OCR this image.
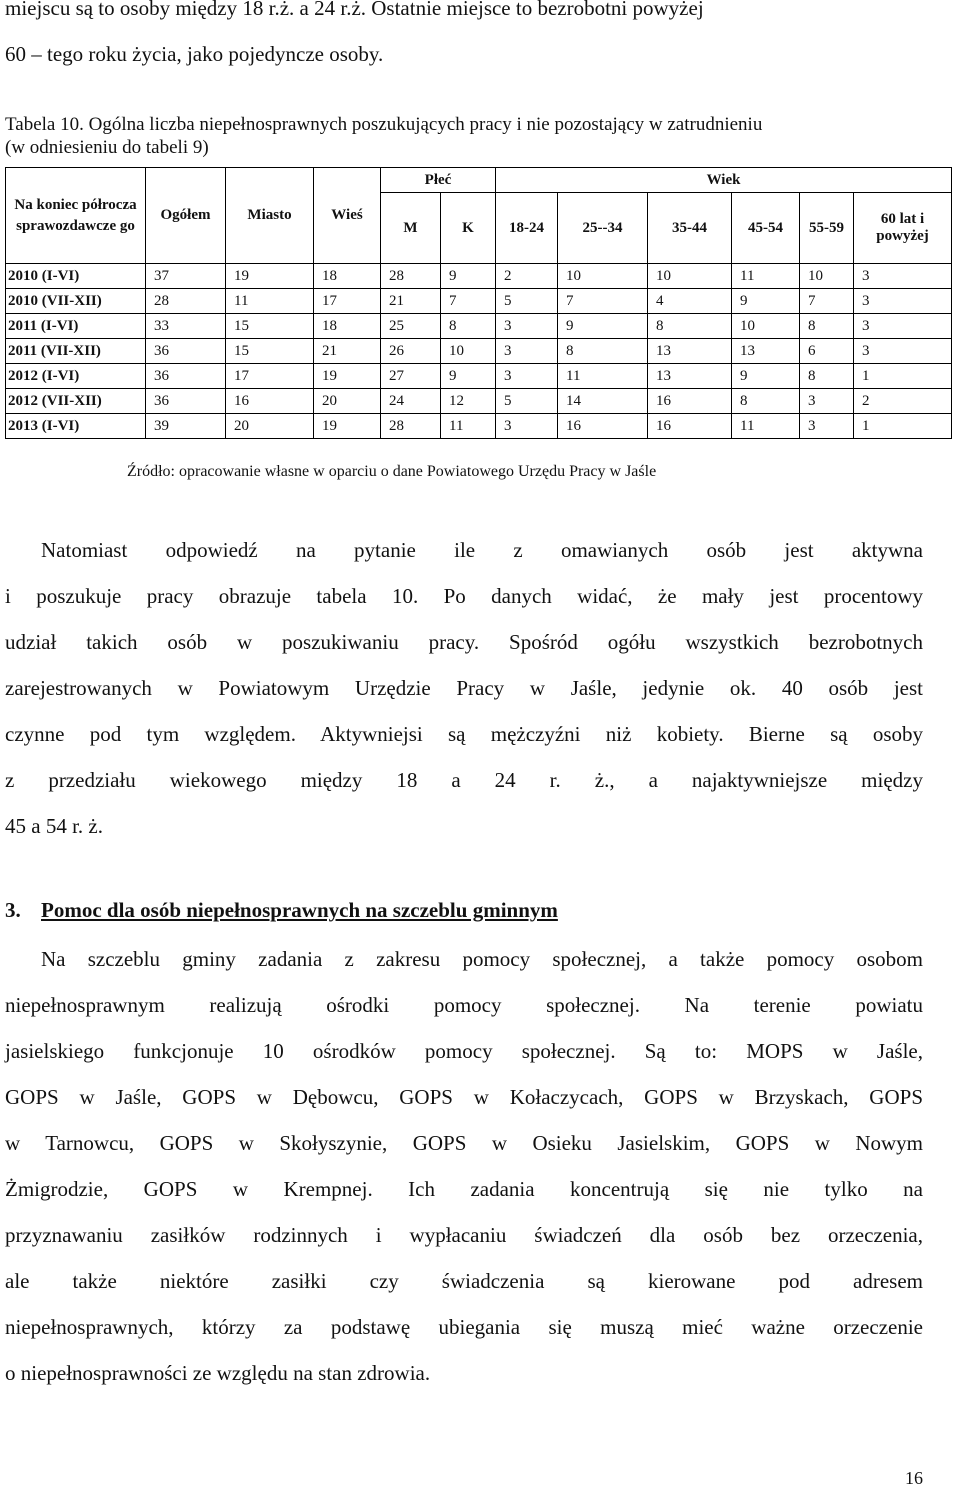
miejscu są to osoby między 18 r.ż. a 24 r.ż. Ostatnie miejsce to bezrobotni powyżej
60 – tego roku życia, jako pojedyncze osoby.
Tabela 10. Ogólna liczba niepełnosprawnych poszukujących pracy i nie pozostający w zatrudnieniu
(w odniesieniu do tabeli 9)
Na koniec półrocza sprawozdawcze go	Ogółem	Miasto	Wieś	Płeć		Wiek					
				M	K	18-24	25--34	35-44	45-54	55-59	60 lat i powyżej
2010 (I-VI)	37	19	18	28	9	2	10	10	11	10	3
2010 (VII-XII)	28	11	17	21	7	5	7	4	9	7	3
2011 (I-VI)	33	15	18	25	8	3	9	8	10	8	3
2011 (VII-XII)	36	15	21	26	10	3	8	13	13	6	3
2012 (I-VI)	36	17	19	27	9	3	11	13	9	8	1
2012 (VII-XII)	36	16	20	24	12	5	14	16	8	3	2
2013 (I-VI)	39	20	19	28	11	3	16	16	11	3	1
Źródło: opracowanie własne w oparciu o dane Powiatowego Urzędu Pracy w Jaśle
Natomiast odpowiedź na pytanie ile z omawianych osób jest aktywna
i poszukuje pracy obrazuje tabela 10. Po danych widać, że mały jest procentowy
udział takich osób w poszukiwaniu pracy. Spośród ogółu wszystkich bezrobotnych
zarejestrowanych w Powiatowym Urzędzie Pracy w Jaśle, jedynie ok. 40 osób jest
czynne pod tym względem. Aktywniejsi są mężczyźni niż kobiety. Bierne są osoby
z przedziału wiekowego między 18 a 24 r. ż., a najaktywniejsze między
45 a 54 r. ż.
3. Pomoc dla osób niepełnosprawnych na szczeblu gminnym
Na szczeblu gminy zadania z zakresu pomocy społecznej, a także pomocy osobom
niepełnosprawnym realizują ośrodki pomocy społecznej. Na terenie powiatu
jasielskiego funkcjonuje 10 ośrodków pomocy społecznej. Są to: MOPS w Jaśle,
GOPS w Jaśle, GOPS w Dębowcu, GOPS w Kołaczycach, GOPS w Brzyskach, GOPS
w Tarnowcu, GOPS w Skołyszynie, GOPS w Osieku Jasielskim, GOPS w Nowym
Żmigrodzie, GOPS w Krempnej. Ich zadania koncentrują się nie tylko na
przyznawaniu zasiłków rodzinnych i wypłacaniu świadczeń dla osób bez orzeczenia,
ale także niektóre zasiłki czy świadczenia są kierowane pod adresem
niepełnosprawnych, którzy za podstawę ubiegania się muszą mieć ważne orzeczenie
o niepełnosprawności ze względu na stan zdrowia.
16
